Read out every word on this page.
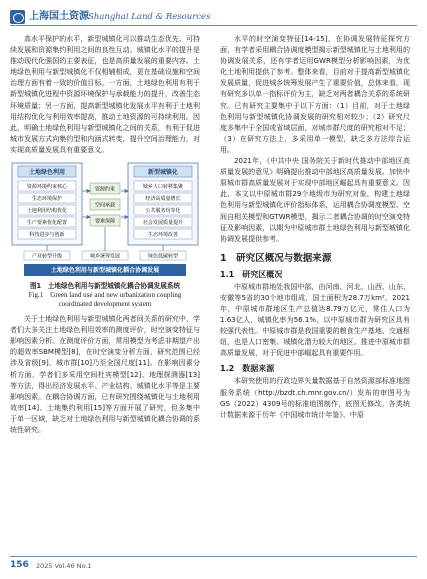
上海国土资源 Shanghai Land & Resources

高水平保护的水平，新型城镇化可以推动生态优先、可持续发展和资源集约利用之间的良性互动。城镇化水平的提升是推动现代化强国的主要表征，也是高质量发展的重要内容。土地绿色利用与新型城镇化不仅相辅相成，更在基础设施和空间治理方面有着一致的价值目标。一方面，土地绿色利用有利于新型城镇化进程中资源环境保护与承载能力的提升，改善生态环境质量；另一方面，提高新型城镇化发展水平有利于土地利用结构优化与利用效率提高，推动土地资源的可持续利用。因此，明确土地绿色利用与新型城镇化之间的关系，有利于促进城市发展方式向集约型和内涵式转变，提升空间治理能力，对实现高质量发展具有重要意义。

土地绿色利用	新型城镇化
资源环境约束核心
生态环境保护
土地利用结构优化
生产要素优化配置
科技进步与创新
城乡人口转移集聚
经济高质量增长
公共服务均等化
社会发展质量提升
生态环境改善
资源约束
空间承载
要素保障
产业转型升级	城乡统筹发展	绿色低碳转型
土地绿色利用与新型城镇化耦合协调发展
图1　土地绿色利用与新型城镇化耦合协调发展系统
Fig.1　Green land use and new urbanization coupling
coordinated development system

关于土地绿色利用与新型城镇化两者间关系的研究中，学者们大多关注土地绿色利用效率的测度评价，时空演变特征与影响因素分析。在测度评价方面，常用模型为考虑非期望产出的超效率SBM模型[8]，在时空演变分析方面，研究范围已经涉及省级[9]、城市群[10]乃至全国尺度[11]。在影响因素分析方面，学者们多采用空间杜宾模型[12]、地理探测器[13]等方法，得出经济发展水平、产业结构、城镇化水平等是主要影响因素。在耦合协调方面，已有研究围绕城镇化与土地利用效率[14]、土地集约利用[15]等方面开展了研究，但多集中于单一区域，缺乏对土地绿色利用与新型城镇化耦合协调的系统性研究。

水平的时空演变特征[14-15]，在协调发展特征探究方面，有学者采用耦合协调度模型揭示新型城镇化与土地利用的协调发展关系，还有学者运用GWR模型分析影响因素，为优化土地利用提供了参考。整体来看，目前对于提高新型城镇化发展质量，促进城乡统筹发展产生了重要价值，总体来看，现有研究多以单一指标评价为主，缺乏对两者耦合关系的系统研究。已有研究主要集中于以下方面：（1）目前，对于土地绿色利用与新型城镇化协调发展的研究相对较少；（2）研究尺度多集中于全国或省域层面，对城市群尺度的研究相对不足；（3）在研究方法上，多采用单一模型，缺乏多方法综合运用。

2021年，《中共中央 国务院关于新时代推动中部地区高质量发展的意见》明确提出推动中部地区高质量发展。加快中原城市群高质量发展对于实现中部地区崛起具有重要意义。因此，本文以中原城市群29个地级市为研究对象，构建土地绿色利用与新型城镇化评价指标体系，运用耦合协调度模型、空间自相关模型和GTWR模型，揭示二者耦合协调的时空演变特征及影响因素，以期为中原城市群土地绿色利用与新型城镇化协调发展提供参考。

1　研究区概况与数据来源
1.1　研究区概况

中原城市群地处我国中部，由河南、河北、山西、山东、安徽等5省的30个地市组成，国土面积为28.7万km²。2021年，中原城市群地区生产总值达8.79万亿元，常住人口为1.63亿人，城镇化率为56.1%，以中原城市群为研究区具有较强代表性。中原城市群是我国重要的粮食生产基地、交通枢纽，也是人口密集、城镇化潜力较大的地区。推进中原城市群高质量发展，对于促进中部崛起具有重要作用。

1.2　数据来源

本研究使用的行政边界矢量数据基于自然资源部标准地图服务系统（http://bzdt.ch.mnr.gov.cn/）发布的审图号为GS（2022）4309号的标准地图制作，底图无修改。各类统计数据来源于历年《中国城市统计年鉴》、中原

156 2025 Vol.46 No.1
